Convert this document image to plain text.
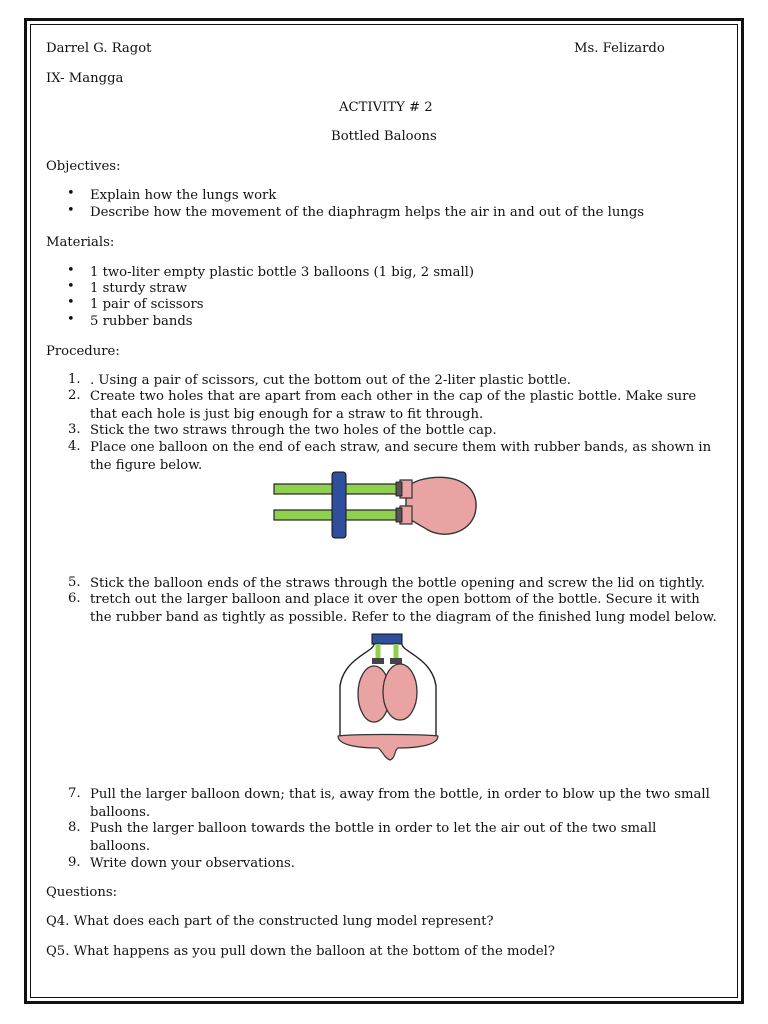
Darrel G. Ragot	Ms. Felizardo
IX- Mangga
ACTIVITY # 2
Bottled Baloons
Objectives:
• Explain how the lungs work
• Describe how the movement of the diaphragm helps the air in and out of the lungs
Materials:
• 1 two-liter empty plastic bottle 3 balloons (1 big, 2 small)
• 1 sturdy straw
• 1 pair of scissors
• 5 rubber bands
Procedure:
1. . Using a pair of scissors, cut the bottom out of the 2-liter plastic bottle.
2. Create two holes that are apart from each other in the cap of the plastic bottle. Make sure
that each hole is just big enough for a straw to fit through.
3. Stick the two straws through the two holes of the bottle cap.
4. Place one balloon on the end of each straw, and secure them with rubber bands, as shown in
the figure below.
5. Stick the balloon ends of the straws through the bottle opening and screw the lid on tightly.
6. tretch out the larger balloon and place it over the open bottom of the bottle. Secure it with
the rubber band as tightly as possible. Refer to the diagram of the finished lung model below.
7. Pull the larger balloon down; that is, away from the bottle, in order to blow up the two small
balloons.
8. Push the larger balloon towards the bottle in order to let the air out of the two small
balloons.
9. Write down your observations.
Questions:
Q4. What does each part of the constructed lung model represent?
Q5. What happens as you pull down the balloon at the bottom of the model?
